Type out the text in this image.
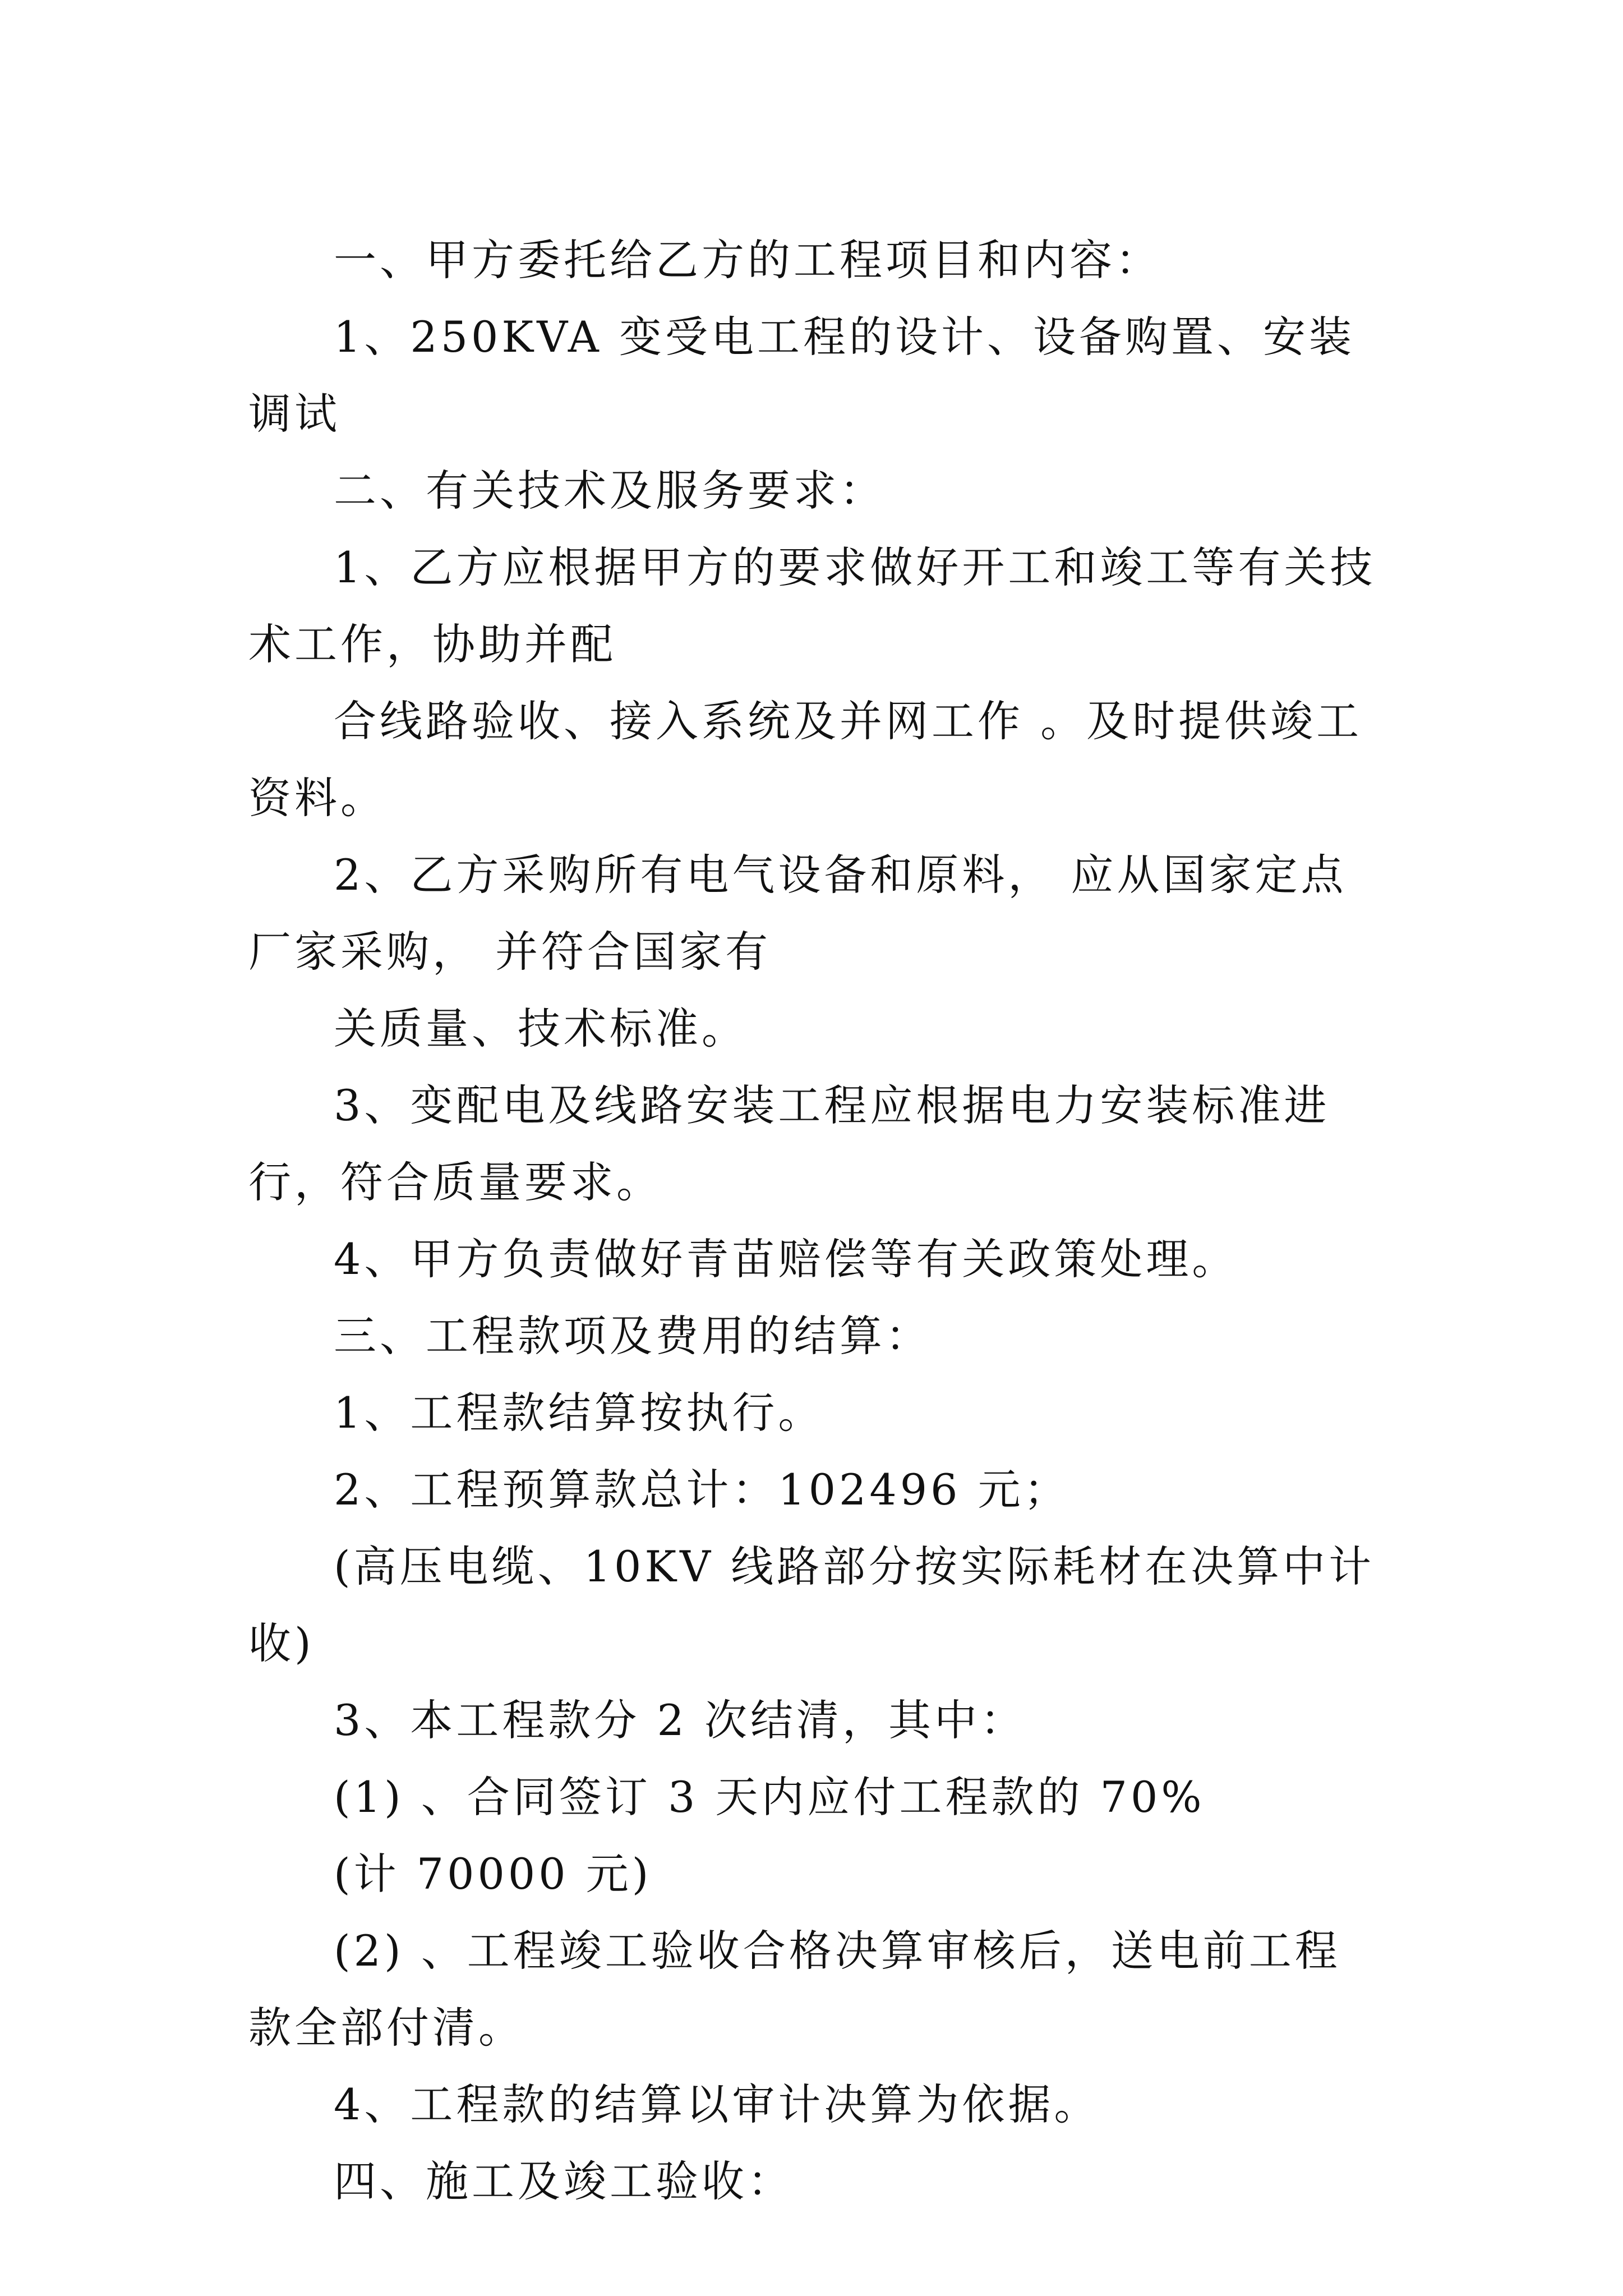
一、甲方委托给乙方的工程项目和内容：

1、250KVA 变受电工程的设计、设备购置、安装调试

二、有关技术及服务要求：

1、乙方应根据甲方的要求做好开工和竣工等有关技术工作，协助并配

合线路验收、接入系统及并网工作 。及时提供竣工资料。

2、乙方采购所有电气设备和原料， 应从国家定点厂家采购， 并符合国家有

关质量、技术标准。

3、变配电及线路安装工程应根据电力安装标准进行，符合质量要求。

4、甲方负责做好青苗赔偿等有关政策处理。

三、工程款项及费用的结算：

1、工程款结算按执行。

2、工程预算款总计：102496 元；

(高压电缆、10KV 线路部分按实际耗材在决算中计收)

3、本工程款分 2 次结清，其中：

(1) 、合同签订 3 天内应付工程款的 70%

(计 70000 元)

(2) 、工程竣工验收合格决算审核后，送电前工程款全部付清。

4、工程款的结算以审计决算为依据。

四、施工及竣工验收：
